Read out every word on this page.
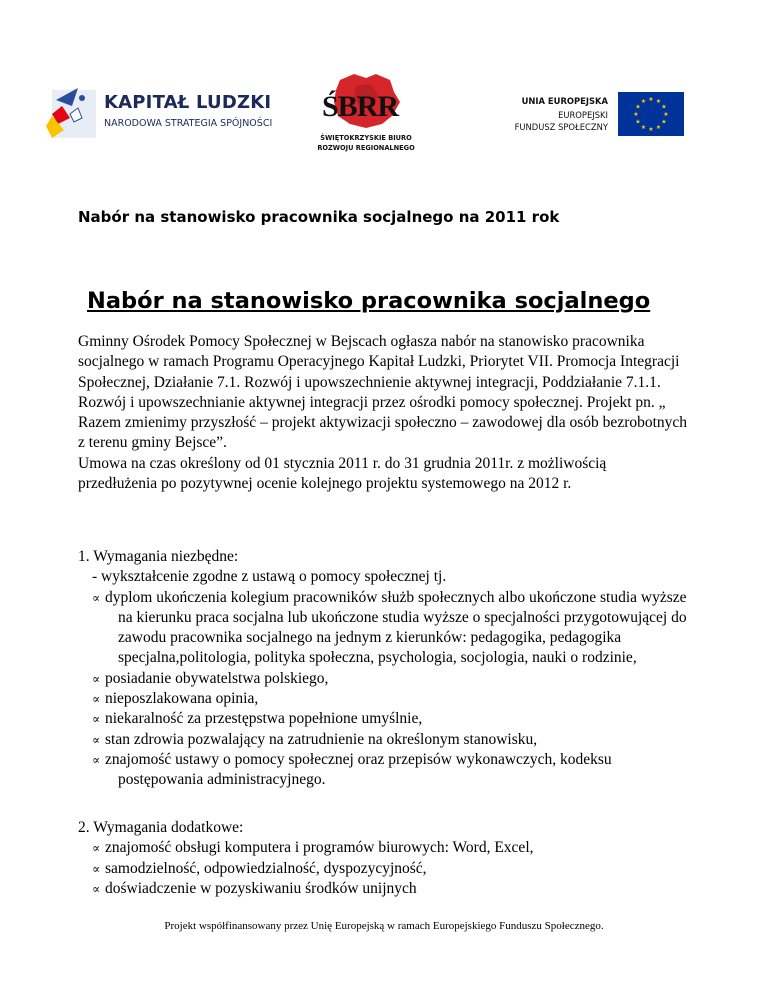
KAPITAŁ LUDZKI
NARODOWA STRATEGIA SPÓJNOŚCI
ŚBRR
ŚWIĘTOKRZYSKIE BIURO
ROZWOJU REGIONALNEGO
UNIA EUROPEJSKA
EUROPEJSKI
FUNDUSZ SPOŁECZNY
★ ★
★
★
★
★
★
★
★
★
★
★
Nabór na stanowisko pracownika socjalnego na 2011 rok
Nabór na stanowisko pracownika socjalnego

Gminny Ośrodek Pomocy Społecznej w Bejscach ogłasza nabór na stanowisko pracownika socjalnego w ramach Programu Operacyjnego Kapitał Ludzki, Priorytet VII. Promocja Integracji Społecznej, Działanie 7.1. Rozwój i upowszechnienie aktywnej integracji, Poddziałanie 7.1.1. Rozwój i upowszechnianie aktywnej integracji przez ośrodki pomocy społecznej. Projekt pn. „ Razem zmienimy przyszłość – projekt aktywizacji społeczno – zawodowej dla osób bezrobotnych z terenu gminy Bejsce”.

Umowa na czas określony od 01 stycznia 2011 r. do 31 grudnia 2011r. z możliwością przedłużenia po pozytywnej ocenie kolejnego projektu systemowego na 2012 r.

1. Wymagania niezbędne:

- wykształcenie zgodne z ustawą o pomocy społecznej tj.

∝ dyplom ukończenia kolegium pracowników służb społecznych albo ukończone studia wyższe na kierunku praca socjalna lub ukończone studia wyższe o specjalności przygotowującej do zawodu pracownika socjalnego na jednym z kierunków: pedagogika, pedagogika specjalna,politologia, polityka społeczna, psychologia, socjologia, nauki o rodzinie,

∝ posiadanie obywatelstwa polskiego,

∝ nieposzlakowana opinia,

∝ niekaralność za przestępstwa popełnione umyślnie,

∝ stan zdrowia pozwalający na zatrudnienie na określonym stanowisku,

∝ znajomość ustawy o pomocy społecznej oraz przepisów wykonawczych, kodeksu postępowania administracyjnego.

2. Wymagania dodatkowe:

∝ znajomość obsługi komputera i programów biurowych: Word, Excel,

∝ samodzielność, odpowiedzialność, dyspozycyjność,

∝ doświadczenie w pozyskiwaniu środków unijnych

Projekt współfinansowany przez Unię Europejską w ramach Europejskiego Funduszu Społecznego.
